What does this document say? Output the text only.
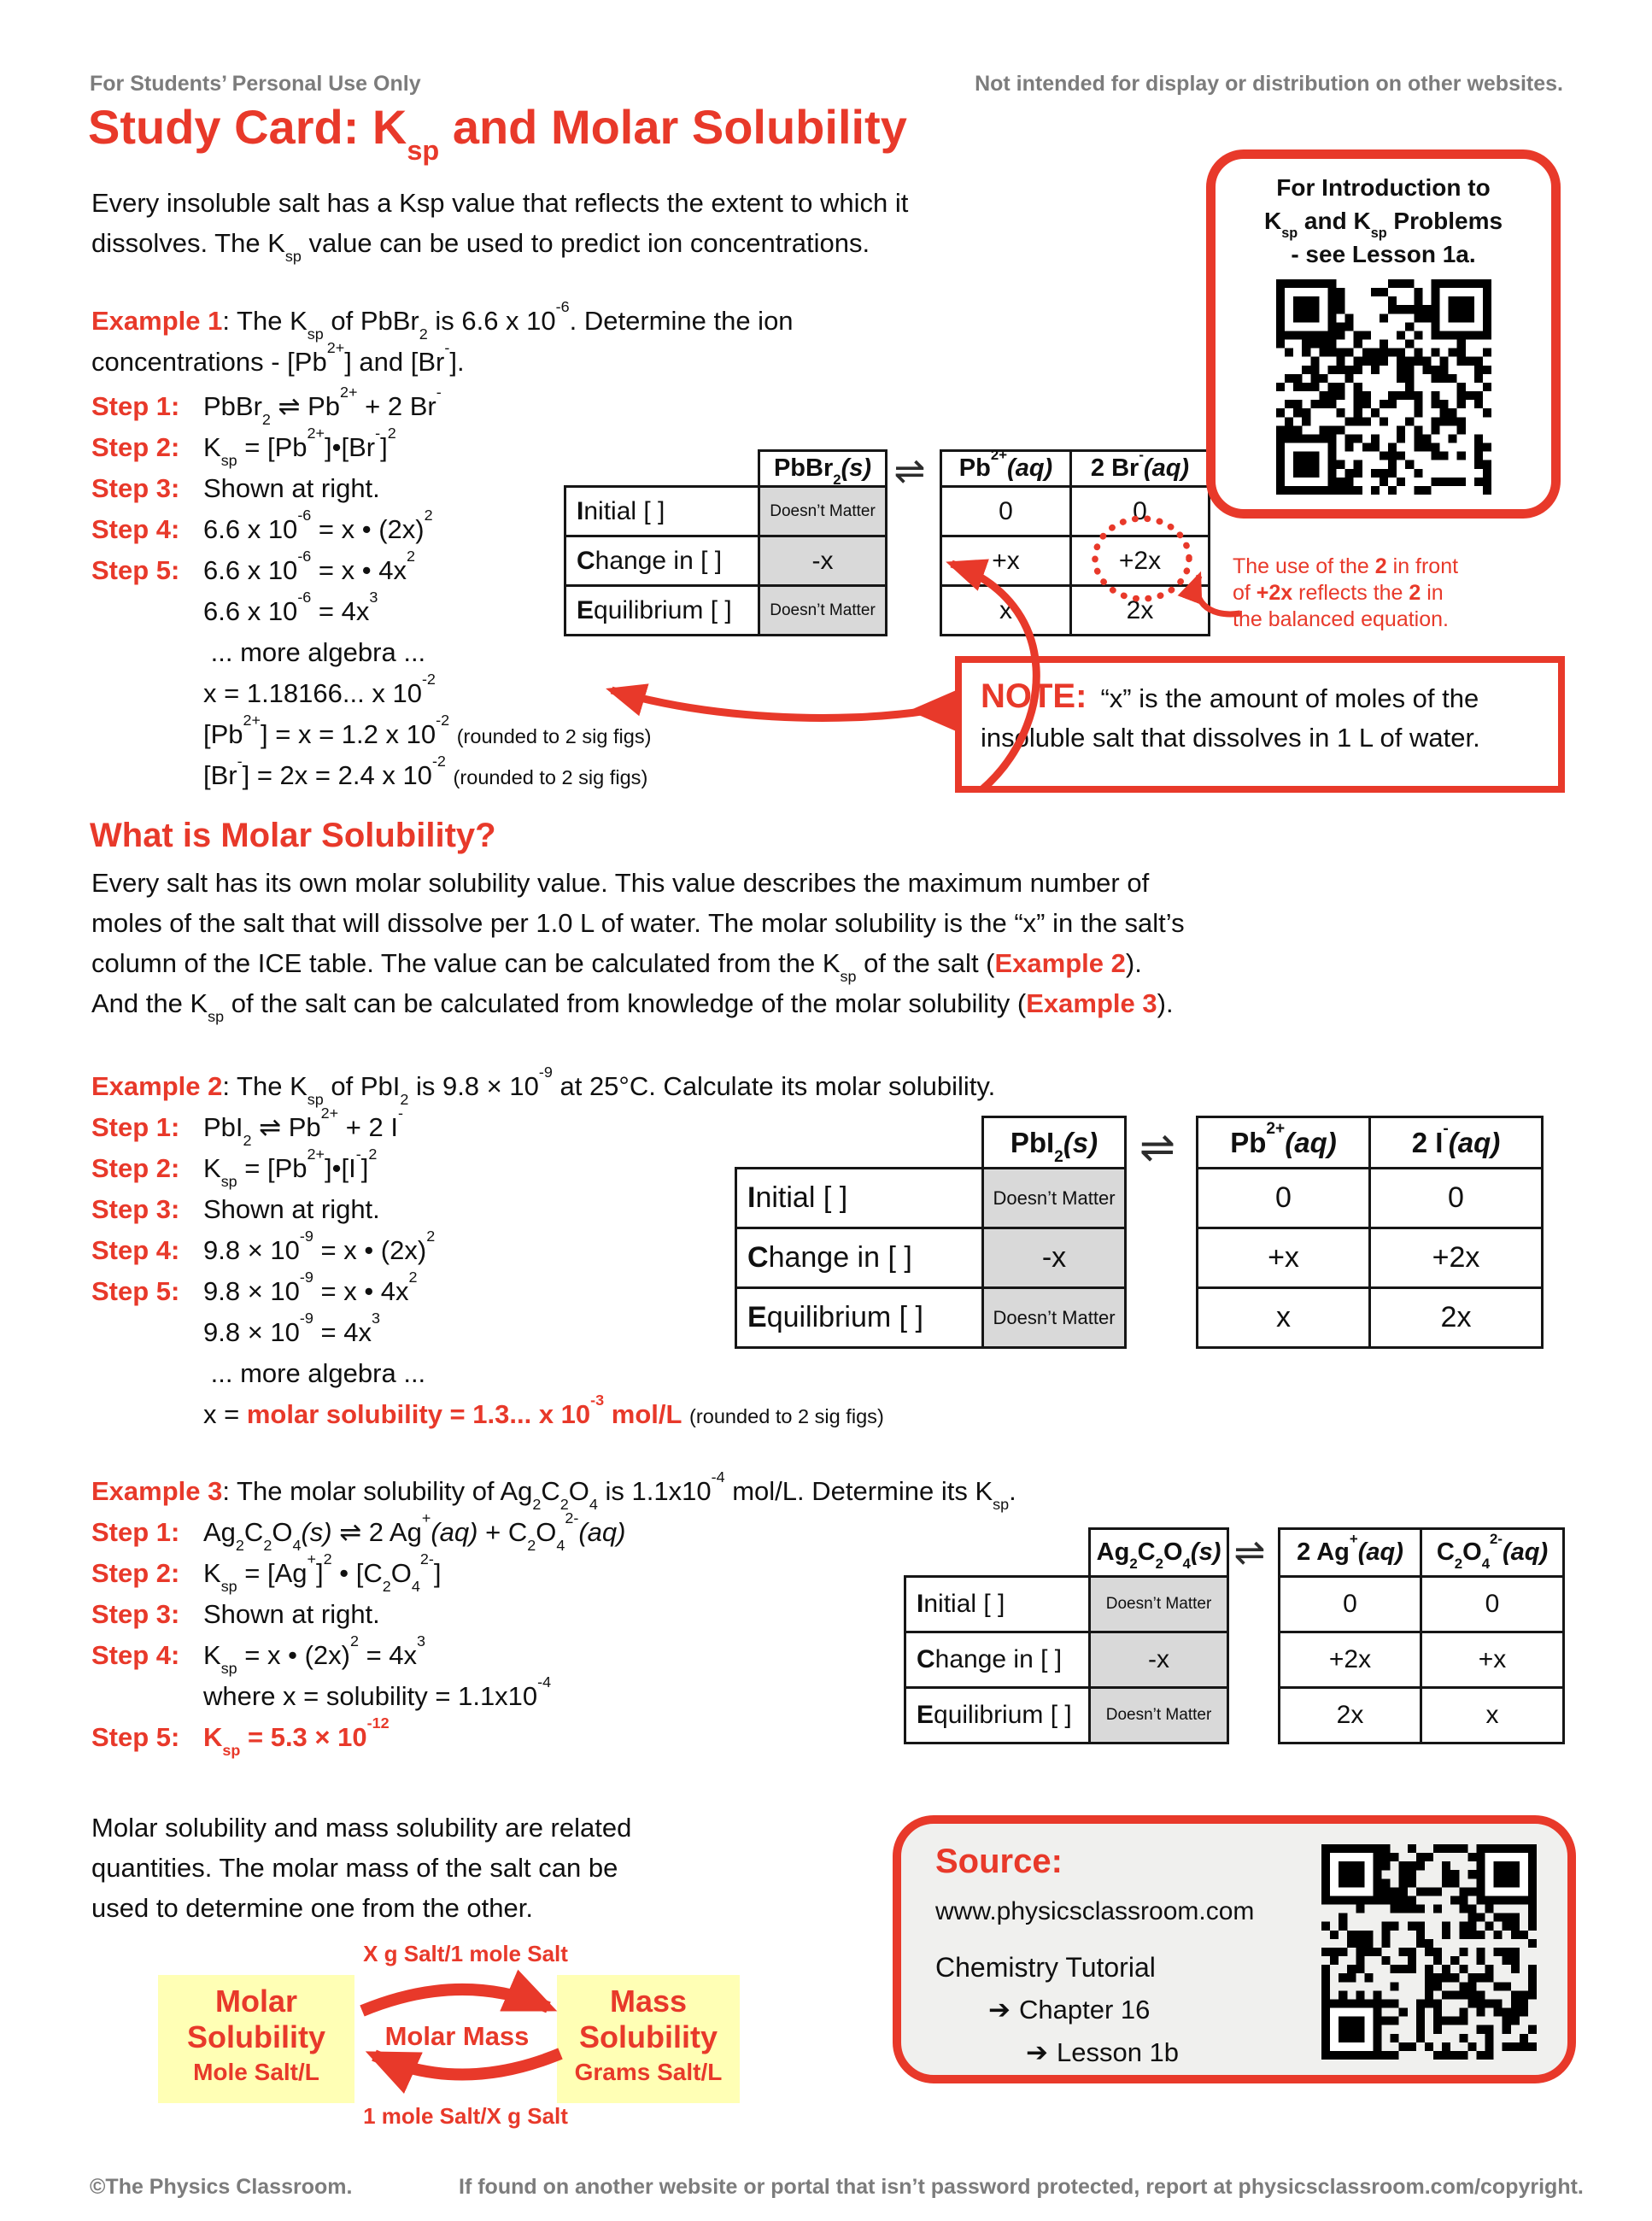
For Students’ Personal Use Only	Not intended for display or distribution on other websites.
Study Card: $K_{sp}$ and Molar Solubility
Every insoluble salt has a Ksp value that reflects the extent to which it
dissolves. The $K_{sp}$ value can be used to predict ion concentrations.
For Introduction to
$K_{sp}$ and $K_{sp}$ Problems
- see Lesson 1a.
Example 1: The $K_{sp}$ of PbBr$_2$ is 6.6 x $10^{-6}$. Determine the ion
concentrations - $[Pb^{2+}]$ and [Br-].
Step 1: PbBr$_2$ ⇌ $Pb^{2+} + 2$ Br-
Step 2: $K_{sp}$ = $[Pb^{2+}]•[Br^-]^2$
Step 3: Shown at right.
Step 4: 6.6 x $10^{-6} = x$ • $(2x)^2$
Step 5: 6.6 x $10^{-6} = x$ • $4x^2$
6.6 x $10^{-6} = 4x^3$
... more algebra ...
x = 1.18166... x $10^{-2}$
$[Pb^{2+}] = x = 1.2$ x $10^{-2}$ (rounded to 2 sig figs)
[Br-] = 2x = 2.4 x $10^{-2}$ (rounded to 2 sig figs)
	PbBr$_2$(s)
Initial [ ]	Doesn’t Matter
Change in [ ]	-x
Equilibrium [ ]	Doesn’t Matter
⇌	$Pb^{2+}(aq)$	2 Br-(aq)
0	0
+x	+2x
x	2x
The use of the 2 in front
of +2x reflects the 2 in
the balanced equation.
NOTE: “x” is the amount of moles of the
insoluble salt that dissolves in 1 L of water.
What is Molar Solubility?
Every salt has its own molar solubility value. This value describes the maximum number of
moles of the salt that will dissolve per 1.0 L of water. The molar solubility is the “x” in the salt’s
column of the ICE table. The value can be calculated from the $K_{sp}$ of the salt (Example 2).
And the $K_{sp}$ of the salt can be calculated from knowledge of the molar solubility (Example 3).
Example 2: The $K_{sp}$ of PbI$_2$ is $9.8 \times 10^{-9}$ at 25°C. Calculate its molar solubility.
Step 1: PbI$_2$ ⇌ $Pb^{2+} + 2$ I-
Step 2: $K_{sp}$ = $[Pb^{2+}]•[I^-]^2$
Step 3: Shown at right.
Step 4: $9.8 \times 10^{-9} = x$ • $(2x)^2$
Step 5: $9.8 \times 10^{-9} = x$ • $4x^2$
$9.8 \times 10^{-9} = 4x^3$
... more algebra ...
x = molar solubility = 1.3... x $10^{-3}$ mol/L (rounded to 2 sig figs)
	PbI$_2$(s)
Initial [ ]	Doesn’t Matter
Change in [ ]	-x
Equilibrium [ ]	Doesn’t Matter
⇌	$Pb^{2+}(aq)$	2 I-(aq)
0	0
+x	+2x
x	2x
Example 3: The molar solubility of $Ag_2C_2O_4$ is $1.1x10^{-4}$ mol/L. Determine its $K_{sp}$.
Step 1: $Ag_2C_2O_4(s)$ ⇌ 2 $Ag^+(aq) + C_2O_4^{2-}(aq)$
Step 2: $K_{sp} = [Ag^+]^2$ • $[C_2O_4^{2-}]$
Step 3: Shown at right.
Step 4: $K_{sp} = x$ • $(2x)^2 = 4x^3$
where x = solubility = $1.1x10^{-4}$
Step 5: $K_{sp} = 5.3 \times 10^{-12}$
	$Ag_2C_2O_4(s)$
Initial [ ]	Doesn’t Matter
Change in [ ]	-x
Equilibrium [ ]	Doesn’t Matter
⇌	2 Ag+(aq)	$C_2O_4^{2-}(aq)$
0	0
+2x	+x
2x	x
Molar solubility and mass solubility are related
quantities. The molar mass of the salt can be
used to determine one from the other.
X g Salt/1 mole Salt
Molar
Solubility
Mole Salt/L
Mass
Solubility
Grams Salt/L
Molar Mass
1 mole Salt/X g Salt
Source:
www.physicsclassroom.com
Chemistry Tutorial
➔ Chapter 16
➔ Lesson 1b
©The Physics Classroom.	If found on another website or portal that isn’t password protected, report at physicsclassroom.com/copyright.
